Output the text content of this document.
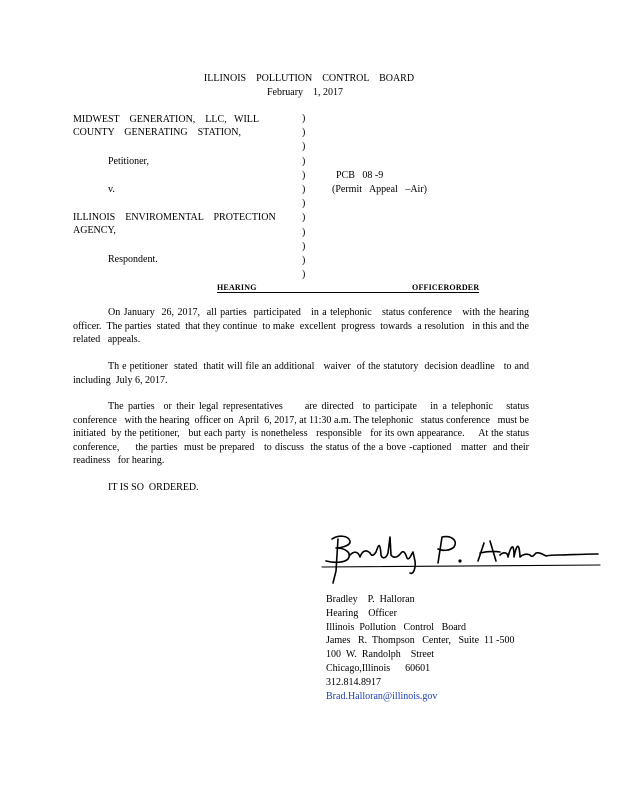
ILLINOIS    POLLUTION    CONTROL    BOARD
February    1, 2017
MIDWEST    GENERATION,    LLC,   WILL
COUNTY    GENERATING    STATION,
Petitioner,
v.
ILLINOIS    ENVIROMENTAL    PROTECTION
AGENCY,
Respondent.
)
)
)
)
)
)
)
)
)
)
)
)
PCB   08 -9
(Permit   Appeal   –Air)
HEARING       OFFICERORDER
On January  26, 2017,  all parties  participated   in a telephonic   status conference   with the hearing  officer.  The parties  stated  that they continue  to make  excellent  progress  towards  a resolution   in this and the related   appeals.
Th e petitioner  stated  thatit will file an additional   waiver  of the statutory  decision deadline   to and including  July 6, 2017.
The parties  or their legal representatives     are directed  to participate   in a telephonic   status conference   with the hearing  officer on  April  6, 2017, at 11:30 a.m. The telephonic   status conference   must be initiated  by the petitioner,   but each party  is nonetheless   responsible   for its own appearance.     At the status conference,     the parties  must be prepared   to discuss  the status of the a bove -captioned   matter  and their readiness   for hearing.
IT IS SO  ORDERED.
Bradley    P.  Halloran
Hearing    Officer
Illinois  Pollution   Control   Board
James   R.  Thompson   Center,   Suite  11 -500
100  W.  Randolph    Street
Chicago,Illinois      60601
312.814.8917
Brad.Halloran@illinois.gov
